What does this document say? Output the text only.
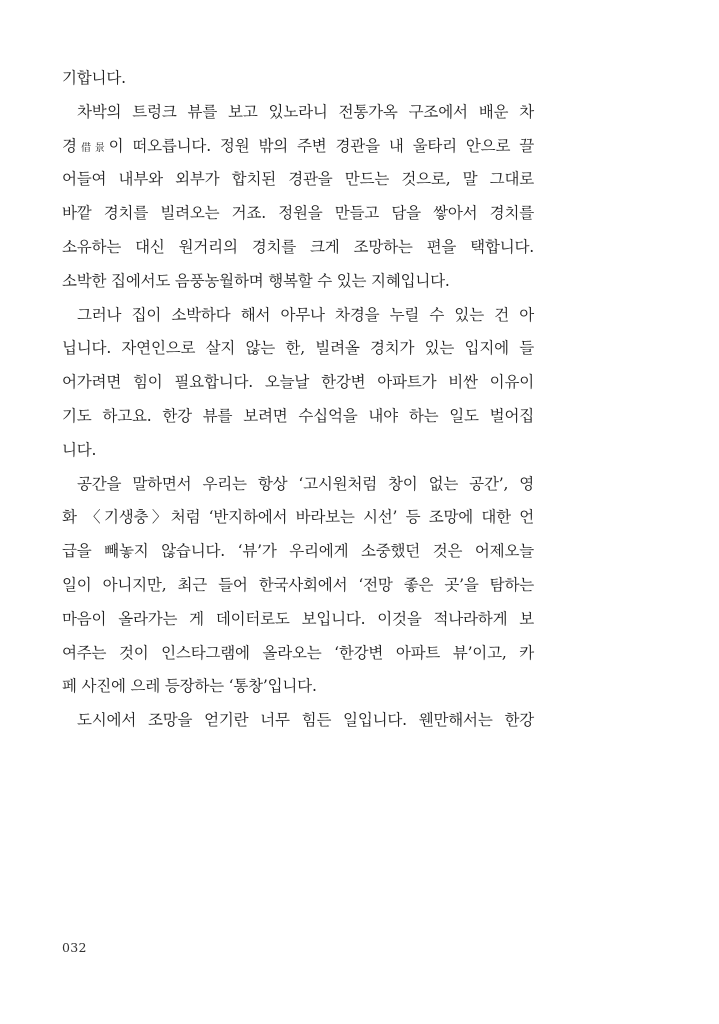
기합니다.
차박의 트렁크 뷰를 보고 있노라니 전통가옥 구조에서 배운 차
경借景이 떠오릅니다. 정원 밖의 주변 경관을 내 울타리 안으로 끌
어들여 내부와 외부가 합치된 경관을 만드는 것으로, 말 그대로
바깥 경치를 빌려오는 거죠. 정원을 만들고 담을 쌓아서 경치를
소유하는 대신 원거리의 경치를 크게 조망하는 편을 택합니다.
소박한 집에서도 음풍농월하며 행복할 수 있는 지혜입니다.
그러나 집이 소박하다 해서 아무나 차경을 누릴 수 있는 건 아
닙니다. 자연인으로 살지 않는 한, 빌려올 경치가 있는 입지에 들
어가려면 힘이 필요합니다. 오늘날 한강변 아파트가 비싼 이유이
기도 하고요. 한강 뷰를 보려면 수십억을 내야 하는 일도 벌어집
니다.
공간을 말하면서 우리는 항상 ‘고시원처럼 창이 없는 공간’, 영
화 〈기생충〉처럼 ‘반지하에서 바라보는 시선’ 등 조망에 대한 언
급을 빼놓지 않습니다. ‘뷰’가 우리에게 소중했던 것은 어제오늘
일이 아니지만, 최근 들어 한국사회에서 ‘전망 좋은 곳’을 탐하는
마음이 올라가는 게 데이터로도 보입니다. 이것을 적나라하게 보
여주는 것이 인스타그램에 올라오는 ‘한강변 아파트 뷰’이고, 카
페 사진에 으레 등장하는 ‘통창’입니다.
도시에서 조망을 얻기란 너무 힘든 일입니다. 웬만해서는 한강
032
